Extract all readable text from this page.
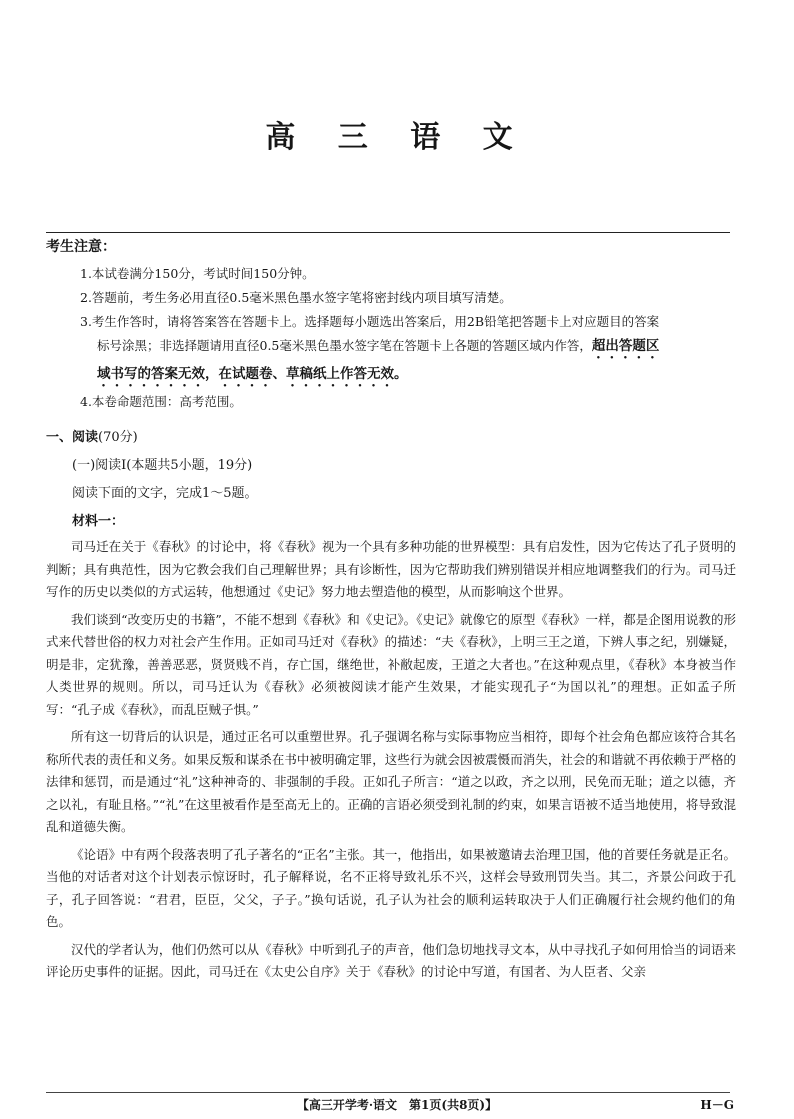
高 三 语 文
考生注意：

1.本试卷满分150分，考试时间150分钟。

2.答题前，考生务必用直径0.5毫米黑色墨水签字笔将密封线内项目填写清楚。

3.考生作答时，请将答案答在答题卡上。选择题每小题选出答案后，用2B铅笔把答题卡上对应题目的答案

标号涂黑；非选择题请用直径0.5毫米黑色墨水签字笔在答题卡上各题的答题区域内作答，超出答题区

域书写的答案无效，在试题卷、草稿纸上作答无效。

4.本卷命题范围：高考范围。

一、阅读(70分)
(一)阅读Ⅰ(本题共5小题，19分)
阅读下面的文字，完成1～5题。
材料一：

司马迁在关于《春秋》的讨论中，将《春秋》视为一个具有多种功能的世界模型：具有启发性，因为它传达了孔子贤明的判断；具有典范性，因为它教会我们自己理解世界；具有诊断性，因为它帮助我们辨别错误并相应地调整我们的行为。司马迁写作的历史以类似的方式运转，他想通过《史记》努力地去塑造他的模型，从而影响这个世界。

我们谈到“改变历史的书籍”，不能不想到《春秋》和《史记》。《史记》就像它的原型《春秋》一样，都是企图用说教的形式来代替世俗的权力对社会产生作用。正如司马迁对《春秋》的描述：“夫《春秋》，上明三王之道，下辨人事之纪，别嫌疑，明是非，定犹豫，善善恶恶，贤贤贱不肖，存亡国，继绝世，补敝起废，王道之大者也。”在这种观点里，《春秋》本身被当作人类世界的规则。所以，司马迁认为《春秋》必须被阅读才能产生效果，才能实现孔子“为国以礼”的理想。正如孟子所写：“孔子成《春秋》，而乱臣贼子惧。”

所有这一切背后的认识是，通过正名可以重塑世界。孔子强调名称与实际事物应当相符，即每个社会角色都应该符合其名称所代表的责任和义务。如果反叛和谋杀在书中被明确定罪，这些行为就会因被震慑而消失，社会的和谐就不再依赖于严格的法律和惩罚，而是通过“礼”这种神奇的、非强制的手段。正如孔子所言：“道之以政，齐之以刑，民免而无耻；道之以德，齐之以礼，有耻且格。”“礼”在这里被看作是至高无上的。正确的言语必须受到礼制的约束，如果言语被不适当地使用，将导致混乱和道德失衡。

《论语》中有两个段落表明了孔子著名的“正名”主张。其一，他指出，如果被邀请去治理卫国，他的首要任务就是正名。当他的对话者对这个计划表示惊讶时，孔子解释说，名不正将导致礼乐不兴，这样会导致刑罚失当。其二，齐景公问政于孔子，孔子回答说：“君君，臣臣，父父，子子。”换句话说，孔子认为社会的顺利运转取决于人们正确履行社会规约他们的角色。

汉代的学者认为，他们仍然可以从《春秋》中听到孔子的声音，他们急切地找寻文本，从中寻找孔子如何用恰当的词语来评论历史事件的证据。因此，司马迁在《太史公自序》关于《春秋》的讨论中写道，有国者、为人臣者、父亲

【高三开学考·语文　第1页(共8页)】	H－G
